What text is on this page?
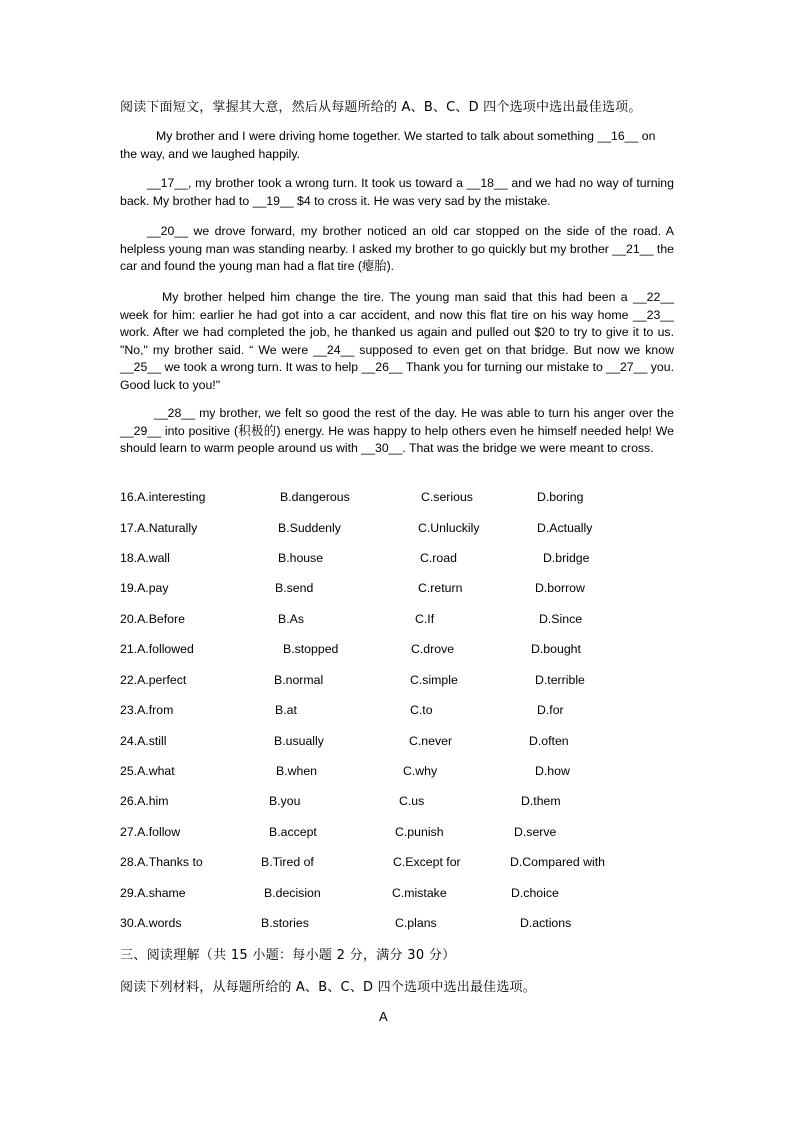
阅读下面短文，掌握其大意，然后从每题所给的 A、B、C、D 四个选项中选出最佳选项。
My brother and I were driving home together. We started to talk about something __16__ on the way, and we laughed happily.
__17__, my brother took a wrong turn. It took us toward a __18__ and we had no way of turning back. My brother had to __19__ $4 to cross it. He was very sad by the mistake.
__20__ we drove forward, my brother noticed an old car stopped on the side of the road. A helpless young man was standing nearby. I asked my brother to go quickly but my brother __21__ the car and found the young man had a flat tire (瘪胎).
My brother helped him change the tire. The young man said that this had been a __22__ week for him: earlier he had got into a car accident, and now this flat tire on his way home __23__ work. After we had completed the job, he thanked us again and pulled out $20 to try to give it to us. "No," my brother said. “ We were __24__ supposed to even get on that bridge. But now we know __25__ we took a wrong turn. It was to help __26__ Thank you for turning our mistake to __27__ you. Good luck to you!"
__28__ my brother, we felt so good the rest of the day. He was able to turn his anger over the __29__ into positive (积极的) energy. He was happy to help others even he himself needed help! We should learn to warm people around us with __30__. That was the bridge we were meant to cross.
16.A.interesting	B.dangerous	C.serious	D.boring
17.A.Naturally	B.Suddenly	C.Unluckily	D.Actually
18.A.wall	B.house	C.road	D.bridge
19.A.pay	B.send	C.return	D.borrow
20.A.Before	B.As	C.If	D.Since
21.A.followed	B.stopped	C.drove	D.bought
22.A.perfect	B.normal	C.simple	D.terrible
23.A.from	B.at	C.to	D.for
24.A.still	B.usually	C.never	D.often
25.A.what	B.when	C.why	D.how
26.A.him	B.you	C.us	D.them
27.A.follow	B.accept	C.punish	D.serve
28.A.Thanks to	B.Tired of	C.Except for	D.Compared with
29.A.shame	B.decision	C.mistake	D.choice
30.A.words	B.stories	C.plans	D.actions
三、阅读理解（共 15 小题：每小题 2 分，满分 30 分）
阅读下列材料，从每题所给的 A、B、C、D 四个选项中选出最佳选项。
A
